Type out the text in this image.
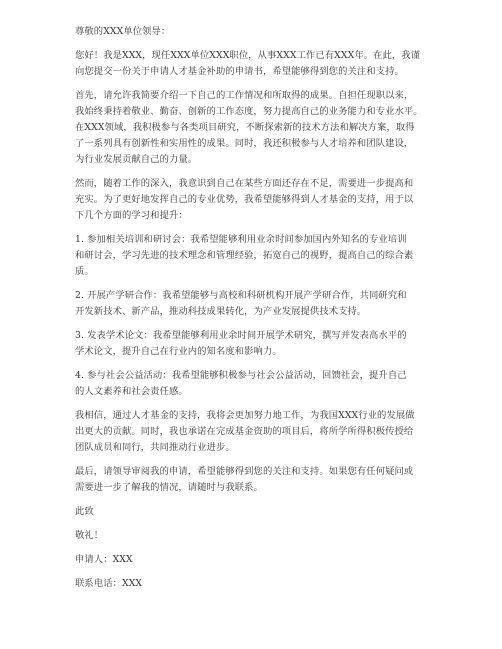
尊敬的XXX单位领导：

您好！我是XXX，现任XXX单位XXX职位，从事XXX工作已有XXX年。在此，我谨
向您提交一份关于申请人才基金补助的申请书，希望能够得到您的关注和支持。

首先，请允许我简要介绍一下自己的工作情况和所取得的成果。自担任现职以来，
我始终秉持着敬业、勤奋、创新的工作态度，努力提高自己的业务能力和专业水平。
在XXX领域，我积极参与各类项目研究，不断探索新的技术方法和解决方案，取得
了一系列具有创新性和实用性的成果。同时，我还积极参与人才培养和团队建设，
为行业发展贡献自己的力量。

然而，随着工作的深入，我意识到自己在某些方面还存在不足，需要进一步提高和
充实。为了更好地发挥自己的专业优势，我希望能够得到人才基金的支持，用于以
下几个方面的学习和提升：

1. 参加相关培训和研讨会：我希望能够利用业余时间参加国内外知名的专业培训
和研讨会，学习先进的技术理念和管理经验，拓宽自己的视野，提高自己的综合素
质。

2. 开展产学研合作：我希望能够与高校和科研机构开展产学研合作，共同研究和
开发新技术、新产品，推动科技成果转化，为产业发展提供技术支持。

3. 发表学术论文：我希望能够利用业余时间开展学术研究，撰写并发表高水平的
学术论文，提升自己在行业内的知名度和影响力。

4. 参与社会公益活动：我希望能够积极参与社会公益活动，回馈社会，提升自己
的人文素养和社会责任感。

我相信，通过人才基金的支持，我将会更加努力地工作，为我国XXX行业的发展做
出更大的贡献。同时，我也承诺在完成基金资助的项目后，将所学所得积极传授给
团队成员和同行，共同推动行业进步。

最后，请领导审阅我的申请，希望能够得到您的关注和支持。如果您有任何疑问或
需要进一步了解我的情况，请随时与我联系。

此致

敬礼！

申请人：XXX

联系电话：XXX
